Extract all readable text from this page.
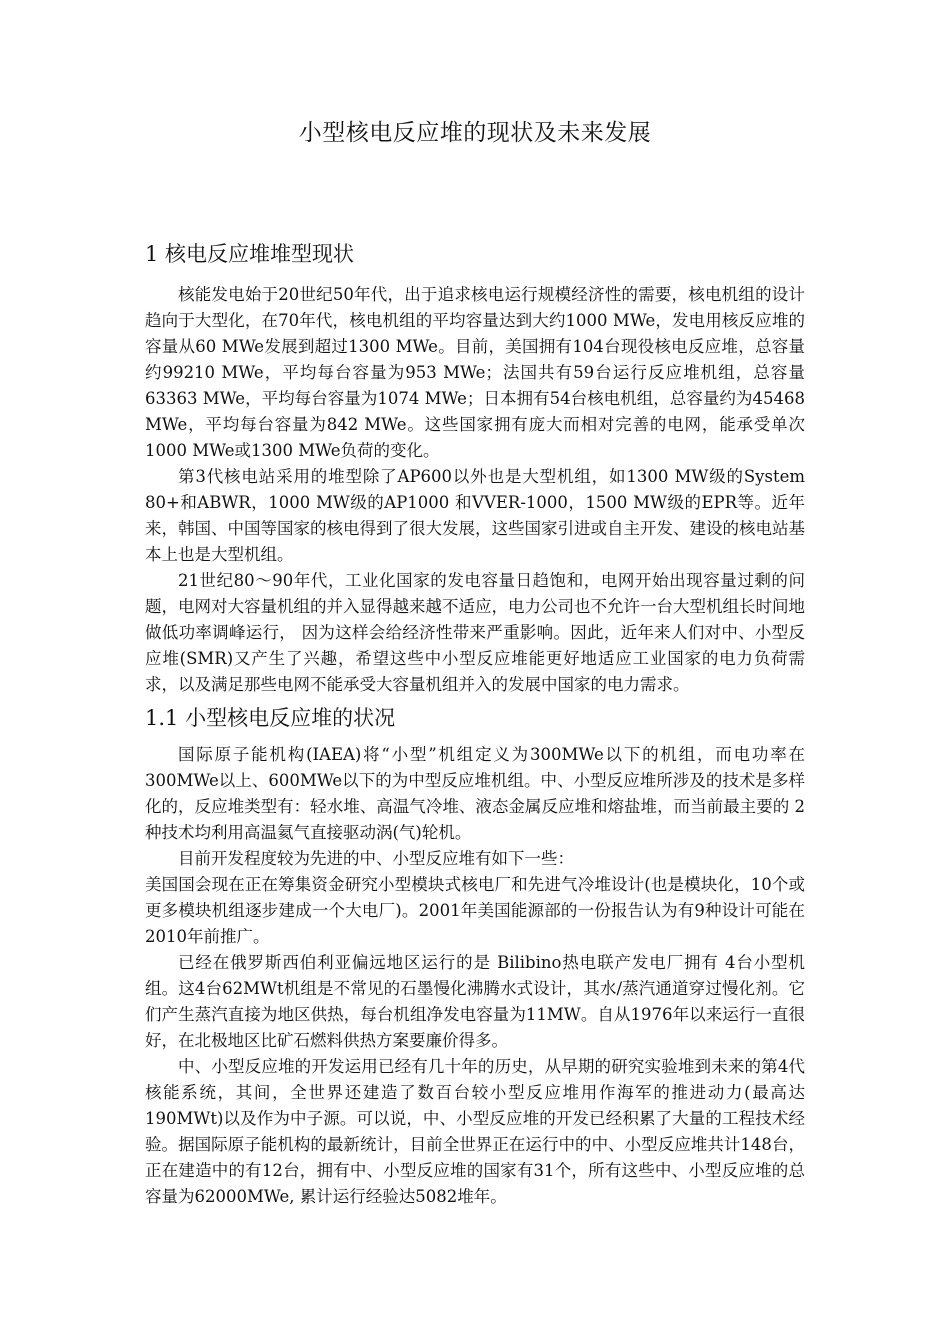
小型核电反应堆的现状及未来发展
1 核电反应堆堆型现状

核能发电始于20世纪50年代，出于追求核电运行规模经济性的需要，核电机组的设计趋向于大型化，在70年代，核电机组的平均容量达到大约1000 MWe，发电用核反应堆的容量从60 MWe发展到超过1300 MWe。目前，美国拥有104台现役核电反应堆，总容量约99210 MWe，平均每台容量为953 MWe；法国共有59台运行反应堆机组，总容量63363 MWe，平均每台容量为1074 MWe；日本拥有54台核电机组，总容量约为45468 MWe，平均每台容量为842 MWe。这些国家拥有庞大而相对完善的电网，能承受单次1000 MWe或1300 MWe负荷的变化。

第3代核电站采用的堆型除了AP600以外也是大型机组，如1300 MW级的System 80+和ABWR，1000 MW级的AP1000 和VVER-1000，1500 MW级的EPR等。近年来，韩国、中国等国家的核电得到了很大发展，这些国家引进或自主开发、建设的核电站基本上也是大型机组。

21世纪80～90年代，工业化国家的发电容量日趋饱和，电网开始出现容量过剩的问题，电网对大容量机组的并入显得越来越不适应，电力公司也不允许一台大型机组长时间地做低功率调峰运行， 因为这样会给经济性带来严重影响。因此，近年来人们对中、小型反应堆(SMR)又产生了兴趣，希望这些中小型反应堆能更好地适应工业国家的电力负荷需求，以及满足那些电网不能承受大容量机组并入的发展中国家的电力需求。

1.1 小型核电反应堆的状况

国际原子能机构(IAEA)将“小型”机组定义为300MWe以下的机组，而电功率在300MWe以上、600MWe以下的为中型反应堆机组。中、小型反应堆所涉及的技术是多样化的，反应堆类型有：轻水堆、高温气冷堆、液态金属反应堆和熔盐堆，而当前最主要的 2种技术均利用高温氦气直接驱动涡(气)轮机。

目前开发程度较为先进的中、小型反应堆有如下一些：

美国国会现在正在筹集资金研究小型模块式核电厂和先进气冷堆设计(也是模块化，10个或更多模块机组逐步建成一个大电厂)。2001年美国能源部的一份报告认为有9种设计可能在2010年前推广。

已经在俄罗斯西伯利亚偏远地区运行的是 Bilibino热电联产发电厂拥有 4台小型机组。这4台62MWt机组是不常见的石墨慢化沸腾水式设计，其水/蒸汽通道穿过慢化剂。它们产生蒸汽直接为地区供热，每台机组净发电容量为11MW。自从1976年以来运行一直很好，在北极地区比矿石燃料供热方案要廉价得多。

中、小型反应堆的开发运用已经有几十年的历史，从早期的研究实验堆到未来的第4代核能系统，其间，全世界还建造了数百台较小型反应堆用作海军的推进动力(最高达190MWt)以及作为中子源。可以说，中、小型反应堆的开发已经积累了大量的工程技术经验。据国际原子能机构的最新统计，目前全世界正在运行中的中、小型反应堆共计148台，正在建造中的有12台，拥有中、小型反应堆的国家有31个，所有这些中、小型反应堆的总容量为62000MWe, 累计运行经验达5082堆年。
